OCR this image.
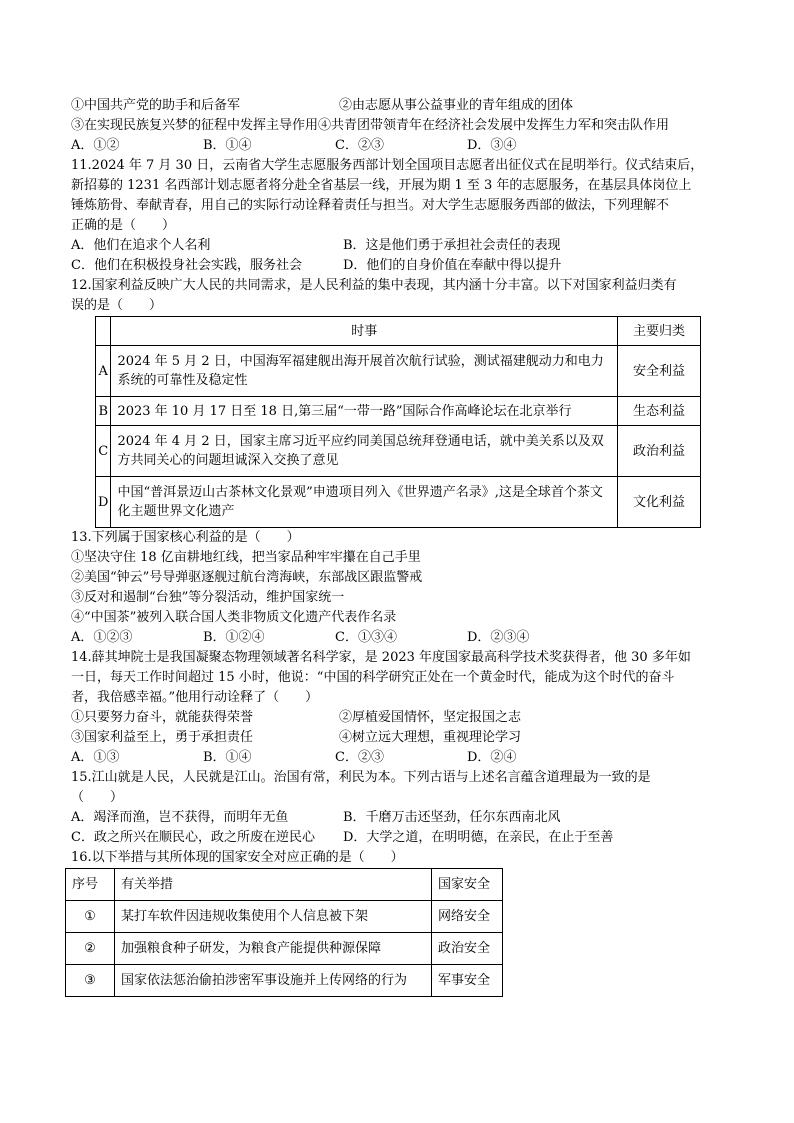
①中国共产党的助手和后备军	②由志愿从事公益事业的青年组成的团体
③在实现民族复兴梦的征程中发挥主导作用④共青团带领青年在经济社会发展中发挥生力军和突击队作用
A．①②	B．①④	C．②③	D．③④
11.2024 年 7 月 30 日，云南省大学生志愿服务西部计划全国项目志愿者出征仪式在昆明举行。仪式结束后，
新招募的 1231 名西部计划志愿者将分赴全省基层一线，开展为期 1 至 3 年的志愿服务，在基层具体岗位上
锤炼筋骨、奉献青春，用自己的实际行动诠释着责任与担当。对大学生志愿服务西部的做法，下列理解不
正确的是（　　）
A．他们在追求个人名利	B．这是他们勇于承担社会责任的表现
C．他们在积极投身社会实践，服务社会	D．他们的自身价值在奉献中得以提升
12.国家利益反映广大人民的共同需求，是人民利益的集中表现，其内涵十分丰富。以下对国家利益归类有
误的是（　　）
	时事	主要归类
A	2024 年 5 月 2 日，中国海军福建舰出海开展首次航行试验，测试福建舰动力和电力系统的可靠性及稳定性	安全利益
B	2023 年 10 月 17 日至 18 日,第三届“一带一路”国际合作高峰论坛在北京举行	生态利益
C	2024 年 4 月 2 日，国家主席习近平应约同美国总统拜登通电话，就中美关系以及双方共同关心的问题坦诚深入交换了意见	政治利益
D	中国“普洱景迈山古茶林文化景观”申遗项目列入《世界遗产名录》,这是全球首个茶文化主题世界文化遗产	文化利益
13.下列属于国家核心利益的是（　　）
①坚决守住 18 亿亩耕地红线，把当家品种牢牢攥在自己手里
②美国“钟云”号导弹驱逐舰过航台湾海峡，东部战区跟监警戒
③反对和遏制“台独”等分裂活动，维护国家统一
④“中国茶”被列入联合国人类非物质文化遗产代表作名录
A．①②③	B．①②④	C．①③④	D．②③④
14.薛其坤院士是我国凝聚态物理领域著名科学家，是 2023 年度国家最高科学技术奖获得者，他 30 多年如
一日，每天工作时间超过 15 小时，他说：“中国的科学研究正处在一个黄金时代，能成为这个时代的奋斗
者，我倍感幸福。”他用行动诠释了（　　）
①只要努力奋斗，就能获得荣誉	②厚植爱国情怀，坚定报国之志
③国家利益至上，勇于承担责任	④树立远大理想，重视理论学习
A．①③	B．①④	C．②③	D．②④
15.江山就是人民，人民就是江山。治国有常，利民为本。下列古语与上述名言蕴含道理最为一致的是
（　　）
A．竭泽而渔，岂不获得，而明年无鱼	B．千磨万击还坚劲，任尔东西南北风
C．政之所兴在顺民心，政之所废在逆民心	D．大学之道，在明明德，在亲民，在止于至善
16.以下举措与其所体现的国家安全对应正确的是（　　）
序号	有关举措	国家安全
①	某打车软件因违规收集使用个人信息被下架	网络安全
②	加强粮食种子研发，为粮食产能提供种源保障	政治安全
③	国家依法惩治偷拍涉密军事设施并上传网络的行为	军事安全
